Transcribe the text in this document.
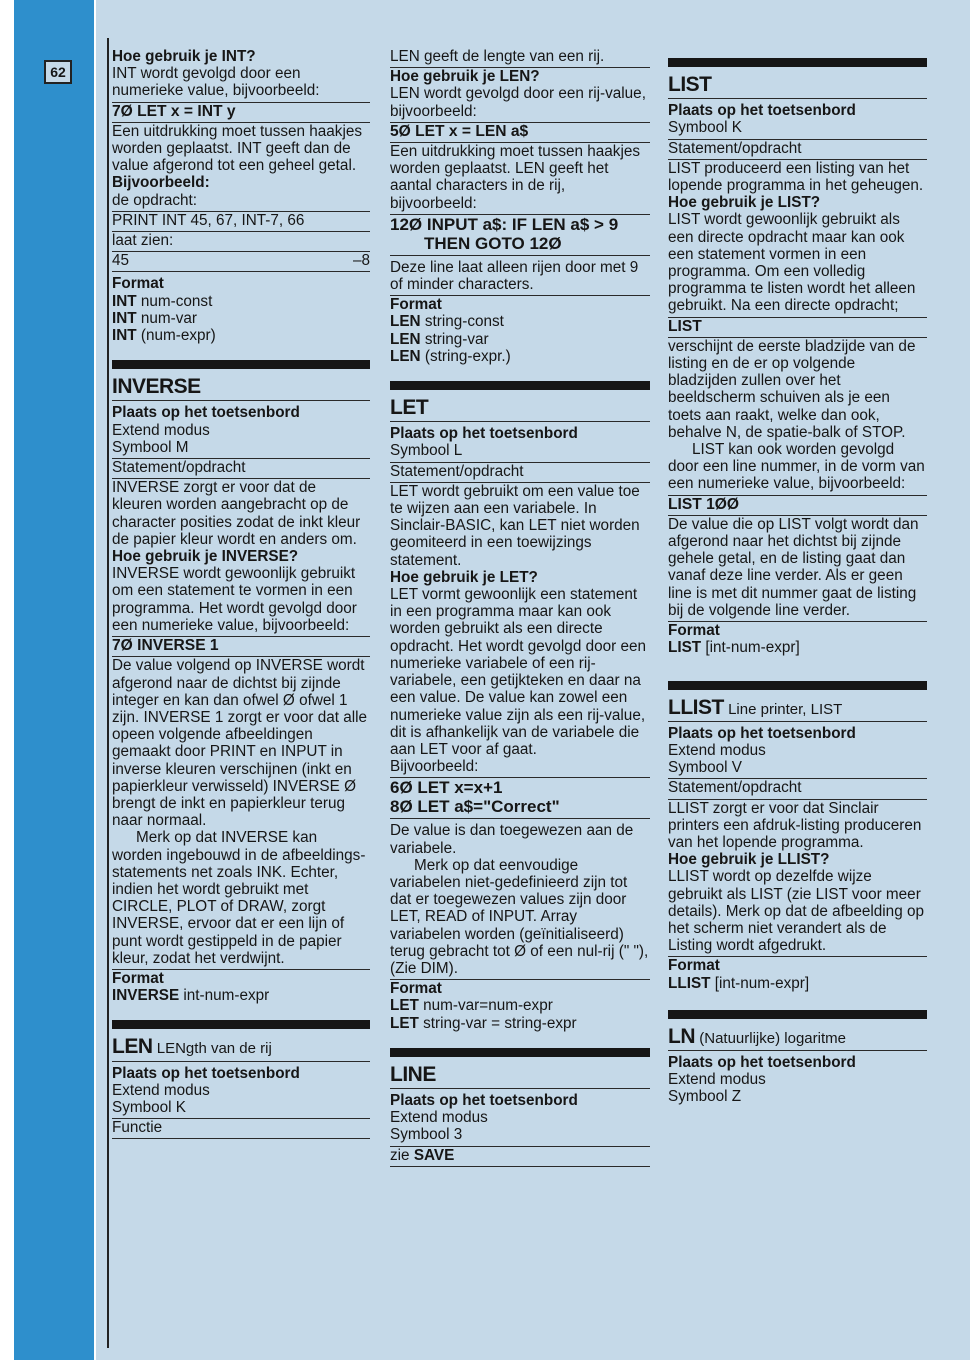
62

Hoe gebruik je INT?

INT wordt gevolgd door een numerieke value, bijvoorbeeld:

7Ø LET x = INT y

Een uitdrukking moet tussen haakjes worden geplaatst. INT geeft dan de value afgerond tot een geheel getal.

Bijvoorbeeld:

de opdracht:

PRINT INT 45, 67, INT-7, 66

laat zien:

45	–8

Format

INT num-const

INT num-var

INT (num-expr)

INVERSE

Plaats op het toetsenbord

Extend modus

Symbool M

Statement/opdracht

INVERSE zorgt er voor dat de kleuren worden aangebracht op de character posities zodat de inkt kleur de papier kleur wordt en anders om.

Hoe gebruik je INVERSE?

INVERSE wordt gewoonlijk gebruikt om een statement te vormen in een programma. Het wordt gevolgd door een numerieke value, bijvoorbeeld:

7Ø INVERSE 1

De value volgend op INVERSE wordt afgerond naar de dichtst bij zijnde integer en kan dan ofwel Ø ofwel 1 zijn. INVERSE 1 zorgt er voor dat alle opeen volgende afbeeldingen gemaakt door PRINT en INPUT in inverse kleuren verschijnen (inkt en papierkleur verwisseld) INVERSE Ø brengt de inkt en papierkleur terug naar normaal.

Merk op dat INVERSE kan worden ingebouwd in de afbeeldings-statements net zoals INK. Echter, indien het wordt gebruikt met CIRCLE, PLOT of DRAW, zorgt INVERSE, ervoor dat er een lijn of punt wordt gestippeld in de papier kleur, zodat het verdwijnt.

Format

INVERSE int-num-expr

LEN LENgth van de rij

Plaats op het toetsenbord

Extend modus

Symbool K

Functie

LEN geeft de lengte van een rij.

Hoe gebruik je LEN?

LEN wordt gevolgd door een rij-value, bijvoorbeeld:

5Ø LET x = LEN a$

Een uitdrukking moet tussen haakjes worden geplaatst. LEN geeft het aantal characters in de rij, bijvoorbeeld:

12Ø INPUT a$: IF LEN a$ > 9

THEN GOTO 12Ø

Deze line laat alleen rijen door met 9 of minder characters.

Format

LEN string-const

LEN string-var

LEN (string-expr.)

LET

Plaats op het toetsenbord

Symbool L

Statement/opdracht

LET wordt gebruikt om een value toe te wijzen aan een variabele. In Sinclair-BASIC, kan LET niet worden geomiteerd in een toewijzings statement.

Hoe gebruik je LET?

LET vormt gewoonlijk een statement in een programma maar kan ook worden gebruikt als een directe opdracht. Het wordt gevolgd door een numerieke variabele of een rij-variabele, een getijkteken en daar na een value. De value kan zowel een numerieke value zijn als een rij-value, dit is afhankelijk van de variabele die aan LET voor af gaat.

Bijvoorbeeld:

6Ø LET x=x+1

8Ø LET a$="Correct"

De value is dan toegewezen aan de variabele.

Merk op dat eenvoudige variabelen niet-gedefinieerd zijn tot dat er toegewezen values zijn door LET, READ of INPUT. Array variabelen worden (geïnitialiseerd) terug gebracht tot Ø of een nul-rij (" "), (Zie DIM).

Format

LET num-var=num-expr

LET string-var = string-expr

LINE

Plaats op het toetsenbord

Extend modus

Symbool 3

zie SAVE

LIST

Plaats op het toetsenbord

Symbool K

Statement/opdracht

LIST produceerd een listing van het lopende programma in het geheugen.

Hoe gebruik je LIST?

LIST wordt gewoonlijk gebruikt als een directe opdracht maar kan ook een statement vormen in een programma. Om een volledig programma te listen wordt het alleen gebruikt. Na een directe opdracht;

LIST

verschijnt de eerste bladzijde van de listing en de er op volgende bladzijden zullen over het beeldscherm schuiven als je een toets aan raakt, welke dan ook, behalve N, de spatie-balk of STOP.

LIST kan ook worden gevolgd door een line nummer, in de vorm van een numerieke value, bijvoorbeeld:

LIST 1ØØ

De value die op LIST volgt wordt dan afgerond naar het dichtst bij zijnde gehele getal, en de listing gaat dan vanaf deze line verder. Als er geen line is met dit nummer gaat de listing bij de volgende line verder.

Format

LIST [int-num-expr]

LLIST Line printer, LIST

Plaats op het toetsenbord

Extend modus

Symbool V

Statement/opdracht

LLIST zorgt er voor dat Sinclair printers een afdruk-listing produceren van het lopende programma.

Hoe gebruik je LLIST?

LLIST wordt op dezelfde wijze gebruikt als LIST (zie LIST voor meer details). Merk op dat de afbeelding op het scherm niet verandert als de Listing wordt afgedrukt.

Format

LLIST [int-num-expr]

LN (Natuurlijke) logaritme

Plaats op het toetsenbord

Extend modus

Symbool Z
